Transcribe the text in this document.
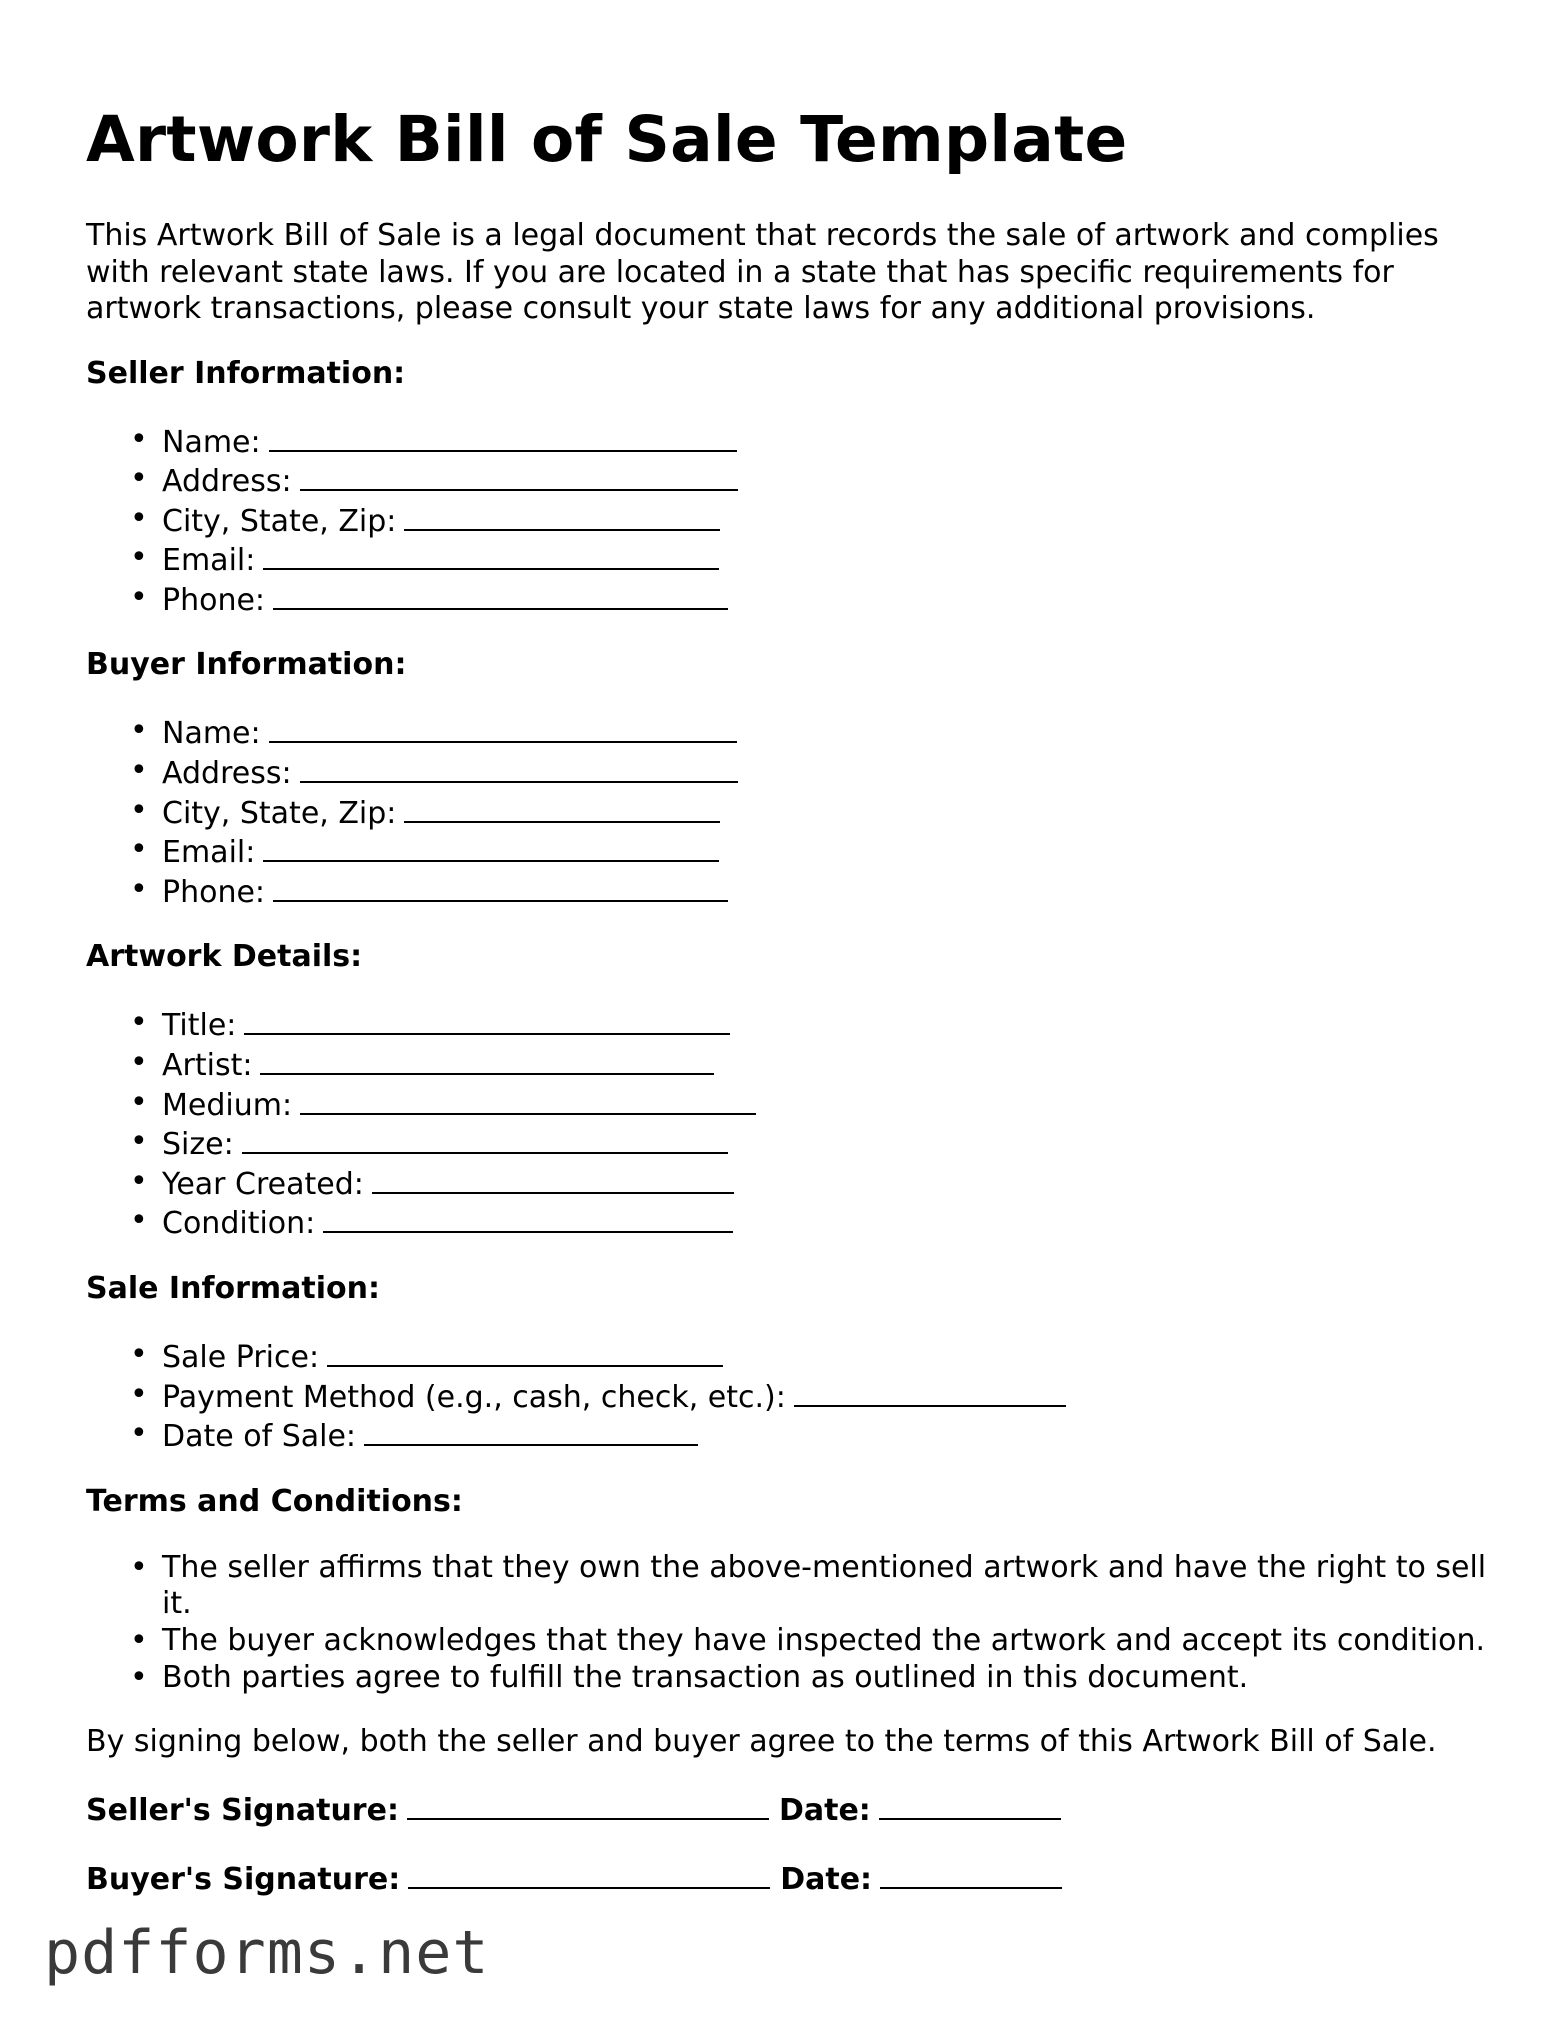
Artwork Bill of Sale Template

This Artwork Bill of Sale is a legal document that records the sale of artwork and complies with relevant state laws. If you are located in a state that has specific requirements for artwork transactions, please consult your state laws for any additional provisions.

Seller Information:
• Name:
• Address:
• City, State, Zip:
• Email:
• Phone:
Buyer Information:
• Name:
• Address:
• City, State, Zip:
• Email:
• Phone:
Artwork Details:
• Title:
• Artist:
• Medium:
• Size:
• Year Created:
• Condition:
Sale Information:
• Sale Price:
• Payment Method (e.g., cash, check, etc.):
• Date of Sale:
Terms and Conditions:
• The seller affirms that they own the above-mentioned artwork and have the right to sell it.
• The buyer acknowledges that they have inspected the artwork and accept its condition.
• Both parties agree to fulfill the transaction as outlined in this document.

By signing below, both the seller and buyer agree to the terms of this Artwork Bill of Sale.

Seller's Signature:	Date:
Buyer's Signature:	Date:
pdfforms.net
